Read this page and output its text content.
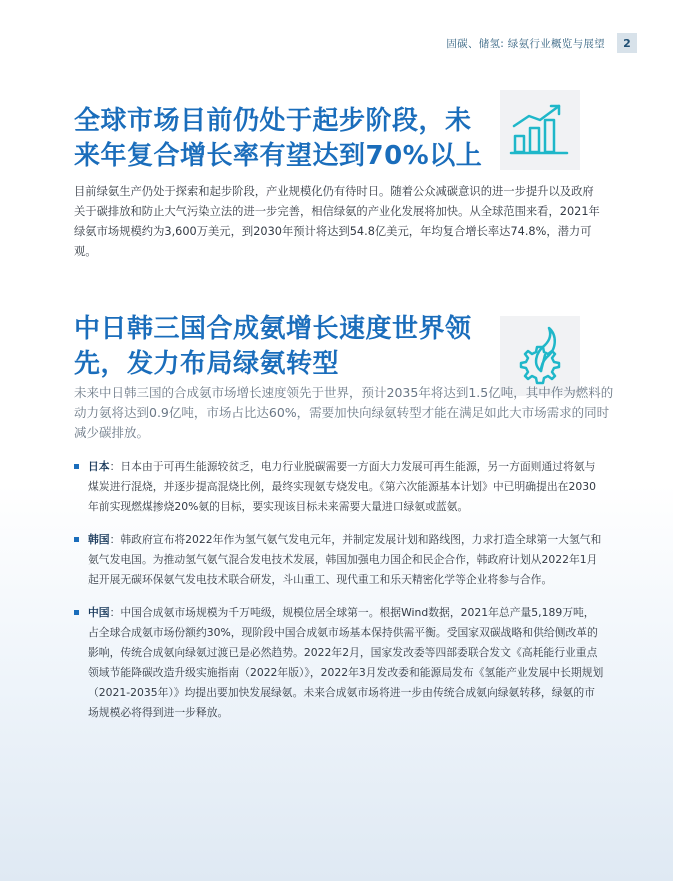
固碳、储氢: 绿氨行业概览与展望	2
全球市场目前仍处于起步阶段，未来年复合增长率有望达到70%以上

目前绿氨生产仍处于探索和起步阶段，产业规模化仍有待时日。随着公众减碳意识的进一步提升以及政府关于碳排放和防止大气污染立法的进一步完善，相信绿氨的产业化发展将加快。从全球范围来看，2021年绿氨市场规模约为3,600万美元，到2030年预计将达到54.8亿美元，年均复合增长率达74.8%，潜力可观。

中日韩三国合成氨增长速度世界领先，发力布局绿氨转型

未来中日韩三国的合成氨市场增长速度领先于世界，预计2035年将达到1.5亿吨，其中作为燃料的动力氨将达到0.9亿吨，市场占比达60%，需要加快向绿氨转型才能在满足如此大市场需求的同时减少碳排放。

日本：日本由于可再生能源较贫乏，电力行业脱碳需要一方面大力发展可再生能源，另一方面则通过将氨与煤炭进行混烧，并逐步提高混烧比例，最终实现氨专烧发电。《第六次能源基本计划》中已明确提出在2030年前实现燃煤掺烧20%氨的目标，要实现该目标未来需要大量进口绿氨或蓝氨。
韩国：韩政府宣布将2022年作为氢气氨气发电元年，并制定发展计划和路线图，力求打造全球第一大氢气和氨气发电国。为推动氢气氨气混合发电技术发展，韩国加强电力国企和民企合作，韩政府计划从2022年1月起开展无碳环保氨气发电技术联合研发，斗山重工、现代重工和乐天精密化学等企业将参与合作。
中国：中国合成氨市场规模为千万吨级，规模位居全球第一。根据Wind数据，2021年总产量5,189万吨，占全球合成氨市场份额约30%，现阶段中国合成氨市场基本保持供需平衡。受国家双碳战略和供给侧改革的影响，传统合成氨向绿氨过渡已是必然趋势。2022年2月，国家发改委等四部委联合发文《高耗能行业重点领域节能降碳改造升级实施指南（2022年版）》，2022年3月发改委和能源局发布《氢能产业发展中长期规划（2021-2035年）》均提出要加快发展绿氨。未来合成氨市场将进一步由传统合成氨向绿氨转移，绿氨的市场规模必将得到进一步释放。
